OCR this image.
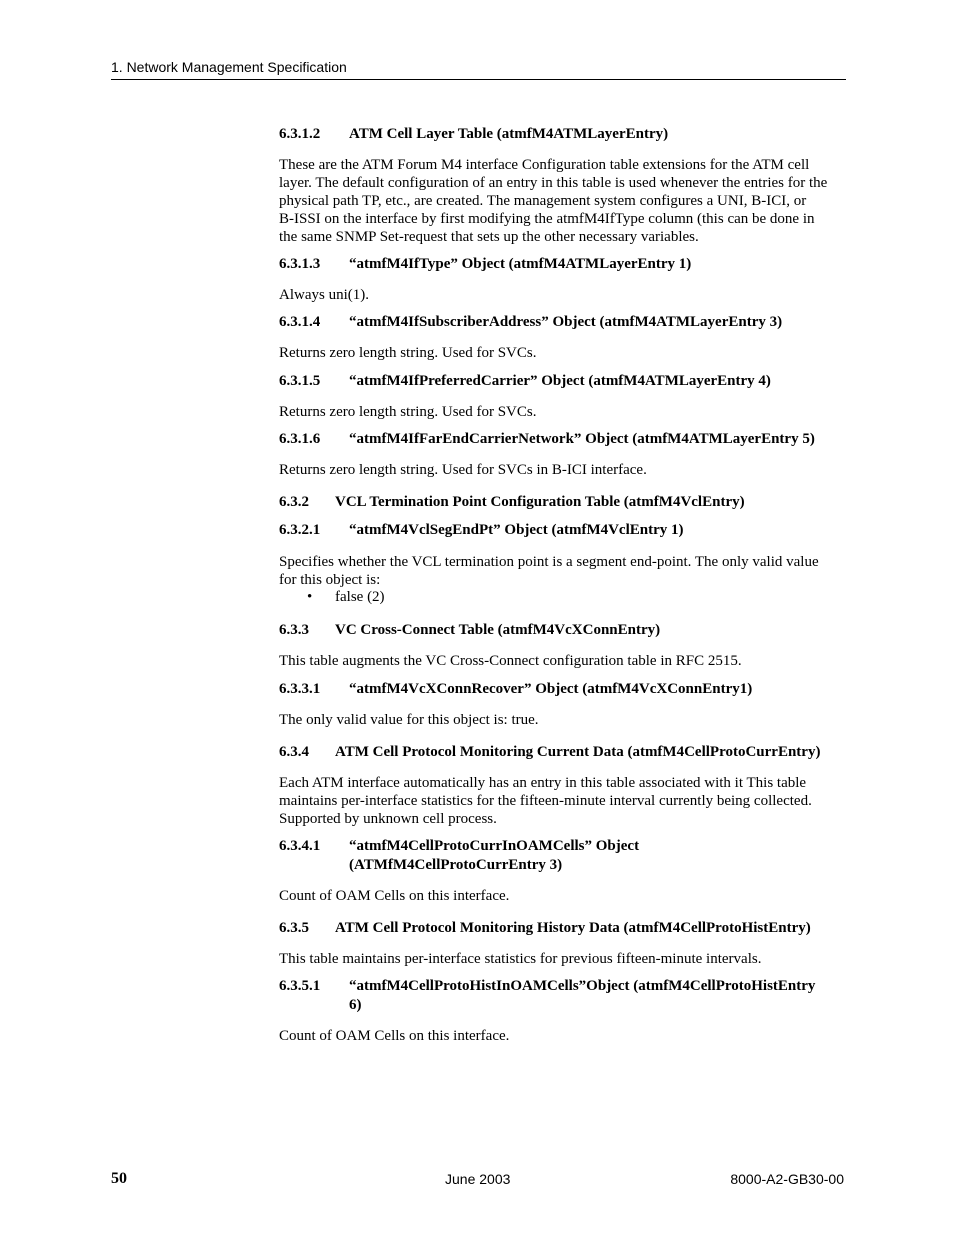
1. Network Management Specification
6.3.1.2	ATM Cell Layer Table (atmfM4ATMLayerEntry)
These are the ATM Forum M4 interface Configuration table extensions for the ATM cell
layer. The default configuration of an entry in this table is used whenever the entries for the
physical path TP, etc., are created. The management system configures a UNI, B-ICI, or
B-ISSI on the interface by first modifying the atmfM4IfType column (this can be done in
the same SNMP Set-request that sets up the other necessary variables.
6.3.1.3	“atmfM4IfType” Object (atmfM4ATMLayerEntry 1)
Always uni(1).
6.3.1.4	“atmfM4IfSubscriberAddress” Object (atmfM4ATMLayerEntry 3)
Returns zero length string. Used for SVCs.
6.3.1.5	“atmfM4IfPreferredCarrier” Object (atmfM4ATMLayerEntry 4)
Returns zero length string. Used for SVCs.
6.3.1.6	“atmfM4IfFarEndCarrierNetwork” Object (atmfM4ATMLayerEntry 5)
Returns zero length string. Used for SVCs in B-ICI interface.
6.3.2	VCL Termination Point Configuration Table (atmfM4VclEntry)
6.3.2.1	“atmfM4VclSegEndPt” Object (atmfM4VclEntry 1)
Specifies whether the VCL termination point is a segment end-point. The only valid value
for this object is:
• false (2)
6.3.3	VC Cross-Connect Table (atmfM4VcXConnEntry)
This table augments the VC Cross-Connect configuration table in RFC 2515.
6.3.3.1	“atmfM4VcXConnRecover” Object (atmfM4VcXConnEntry1)
The only valid value for this object is: true.
6.3.4	ATM Cell Protocol Monitoring Current Data (atmfM4CellProtoCurrEntry)
Each ATM interface automatically has an entry in this table associated with it This table
maintains per-interface statistics for the fifteen-minute interval currently being collected.
Supported by unknown cell process.
6.3.4.1	“atmfM4CellProtoCurrInOAMCells” Object
(ATMfM4CellProtoCurrEntry 3)
Count of OAM Cells on this interface.
6.3.5	ATM Cell Protocol Monitoring History Data (atmfM4CellProtoHistEntry)
This table maintains per-interface statistics for previous fifteen-minute intervals.
6.3.5.1	“atmfM4CellProtoHistInOAMCells”Object (atmfM4CellProtoHistEntry
6)
Count of OAM Cells on this interface.
50	June 2003	8000-A2-GB30-00
